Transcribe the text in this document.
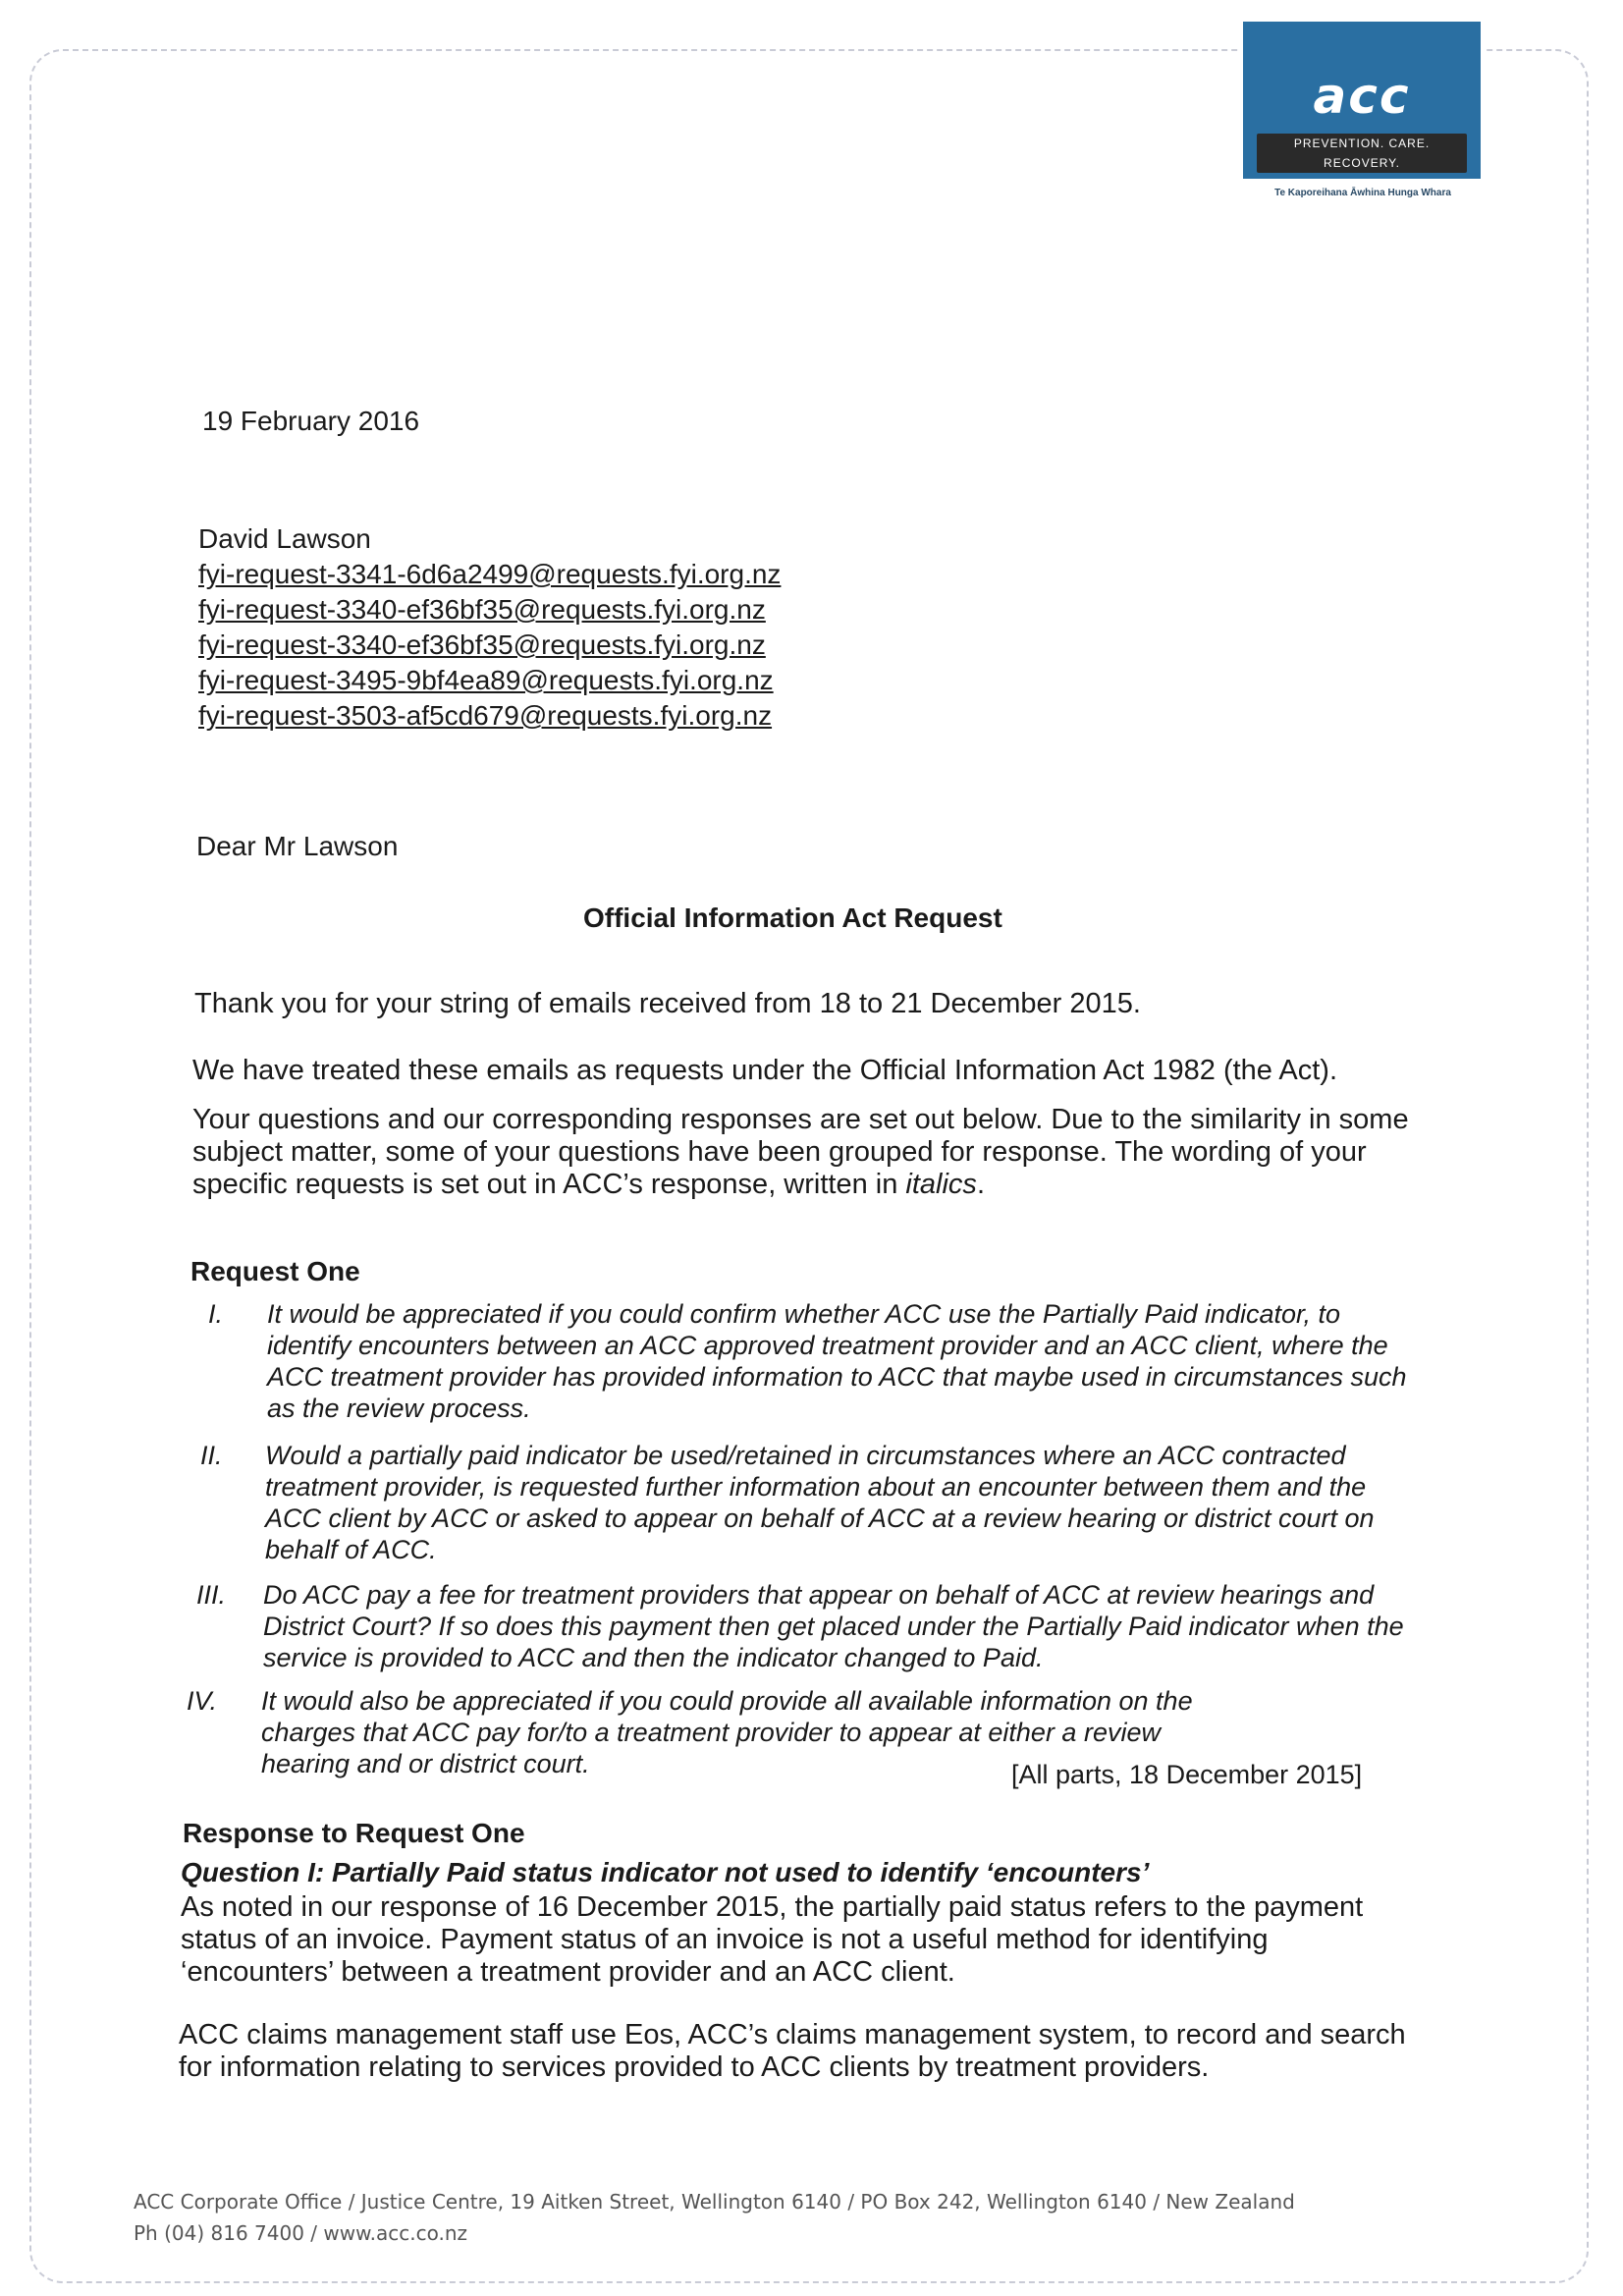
acc
PREVENTION. CARE. RECOVERY.
Te Kaporeihana Āwhina Hunga Whara
19 February 2016
David Lawson
fyi-request-3341-6d6a2499@requests.fyi.org.nz
fyi-request-3340-ef36bf35@requests.fyi.org.nz
fyi-request-3340-ef36bf35@requests.fyi.org.nz
fyi-request-3495-9bf4ea89@requests.fyi.org.nz
fyi-request-3503-af5cd679@requests.fyi.org.nz
Dear Mr Lawson
Official Information Act Request
Thank you for your string of emails received from 18 to 21 December 2015.
We have treated these emails as requests under the Official Information Act 1982 (the Act).
Your questions and our corresponding responses are set out below. Due to the similarity in some subject matter, some of your questions have been grouped for response. The wording of your specific requests is set out in ACC’s response, written in italics.
Request One
I.	It would be appreciated if you could confirm whether ACC use the Partially Paid indicator, to identify encounters between an ACC approved treatment provider and an ACC client, where the ACC treatment provider has provided information to ACC that maybe used in circumstances such as the review process.
II.	Would a partially paid indicator be used/retained in circumstances where an ACC contracted treatment provider, is requested further information about an encounter between them and the ACC client by ACC or asked to appear on behalf of ACC at a review hearing or district court on behalf of ACC.
III.	Do ACC pay a fee for treatment providers that appear on behalf of ACC at review hearings and District Court? If so does this payment then get placed under the Partially Paid indicator when the service is provided to ACC and then the indicator changed to Paid.
IV.	It would also be appreciated if you could provide all available information on the charges that ACC pay for/to a treatment provider to appear at either a review hearing and or district court.	[All parts, 18 December 2015]
Response to Request One
Question I: Partially Paid status indicator not used to identify ‘encounters’
As noted in our response of 16 December 2015, the partially paid status refers to the payment status of an invoice. Payment status of an invoice is not a useful method for identifying ‘encounters’ between a treatment provider and an ACC client.
ACC claims management staff use Eos, ACC’s claims management system, to record and search for information relating to services provided to ACC clients by treatment providers.
ACC Corporate Office / Justice Centre, 19 Aitken Street, Wellington 6140 / PO Box 242, Wellington 6140 / New Zealand
Ph (04) 816 7400 / www.acc.co.nz
